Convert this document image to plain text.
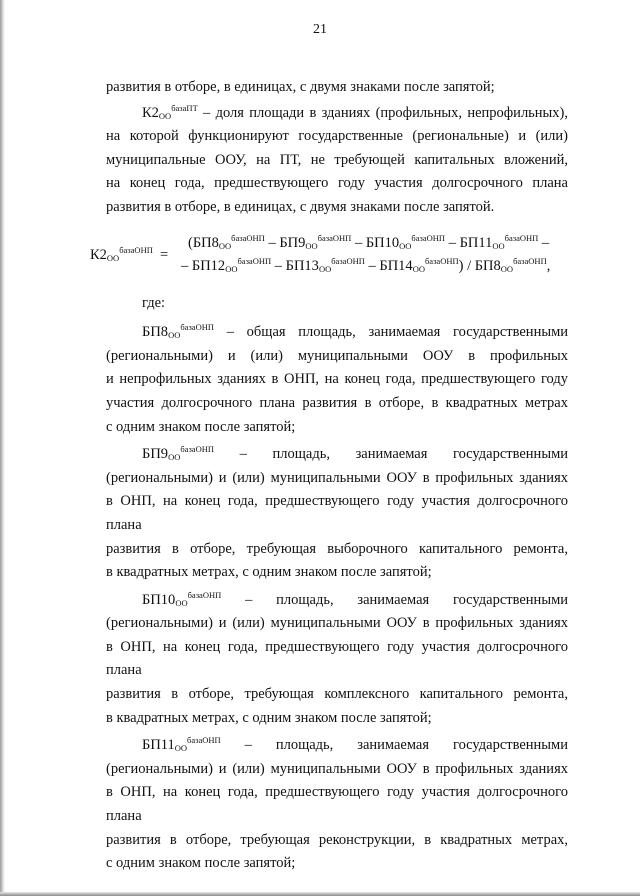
21

развития в отборе, в единицах, с двумя знаками после запятой;

$К2_{ОО}^{базаПТ}$ – доля площади в зданиях (профильных, непрофильных),
на которой функционируют государственные (региональные) и (или)
муниципальные ООУ, на ПТ, не требующей капитальных вложений,
на конец года, предшествующего году участия долгосрочного плана
развития в отборе, в единицах, с двумя знаками после запятой.
$К2_{ОО}^{базаОНП}$ =
($БП8_{ОО}^{базаОНП} - БП9_{ОО}^{базаОНП} - БП10_{ОО}^{базаОНП} - БП11_{ОО}^{базаОНП}$ –
– $БП12_{ОО}^{базаОНП} - БП13_{ОО}^{базаОНП} - БП14_{ОО}^{базаОНП}) / БП8_{ОО}^{базаОНП}$,
где:
$БП8_{ОО}^{базаОНП}$ – общая площадь, занимаемая государственными
(региональными) и (или) муниципальными ООУ в профильных
и непрофильных зданиях в ОНП, на конец года, предшествующего году
участия долгосрочного плана развития в отборе, в квадратных метрах
с одним знаком после запятой;
$БП9_{ОО}^{базаОНП}$ – площадь, занимаемая государственными
(региональными) и (или) муниципальными ООУ в профильных зданиях
в ОНП, на конец года, предшествующего году участия долгосрочного плана
развития в отборе, требующая выборочного капитального ремонта,
в квадратных метрах, с одним знаком после запятой;
$БП10_{ОО}^{базаОНП}$ – площадь, занимаемая государственными
(региональными) и (или) муниципальными ООУ в профильных зданиях
в ОНП, на конец года, предшествующего году участия долгосрочного плана
развития в отборе, требующая комплексного капитального ремонта,
в квадратных метрах, с одним знаком после запятой;
$БП11_{ОО}^{базаОНП}$ – площадь, занимаемая государственными
(региональными) и (или) муниципальными ООУ в профильных зданиях
в ОНП, на конец года, предшествующего году участия долгосрочного плана
развития в отборе, требующая реконструкции, в квадратных метрах,
с одним знаком после запятой;
